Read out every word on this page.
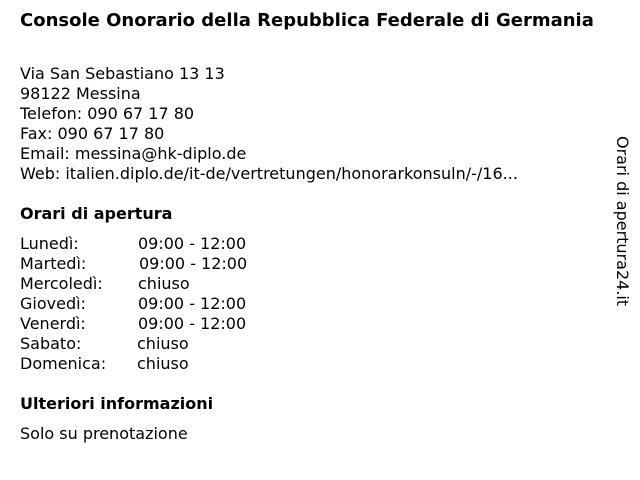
Console Onorario della Repubblica Federale di Germania
Via San Sebastiano 13 13
98122 Messina
Telefon: 090 67 17 80
Fax: 090 67 17 80
Email: messina@hk-diplo.de
Web: italien.diplo.de/it-de/vertretungen/honorarkonsuln/-/16...
Orari di apertura
Lunedì:	09:00 - 12:00
Martedì:	09:00 - 12:00
Mercoledì: chiuso
Giovedì:	09:00 - 12:00
Venerdì:	09:00 - 12:00
Sabato:	chiuso
Domenica: chiuso
Ulteriori informazioni
Solo su prenotazione
Orari di apertura24.it
